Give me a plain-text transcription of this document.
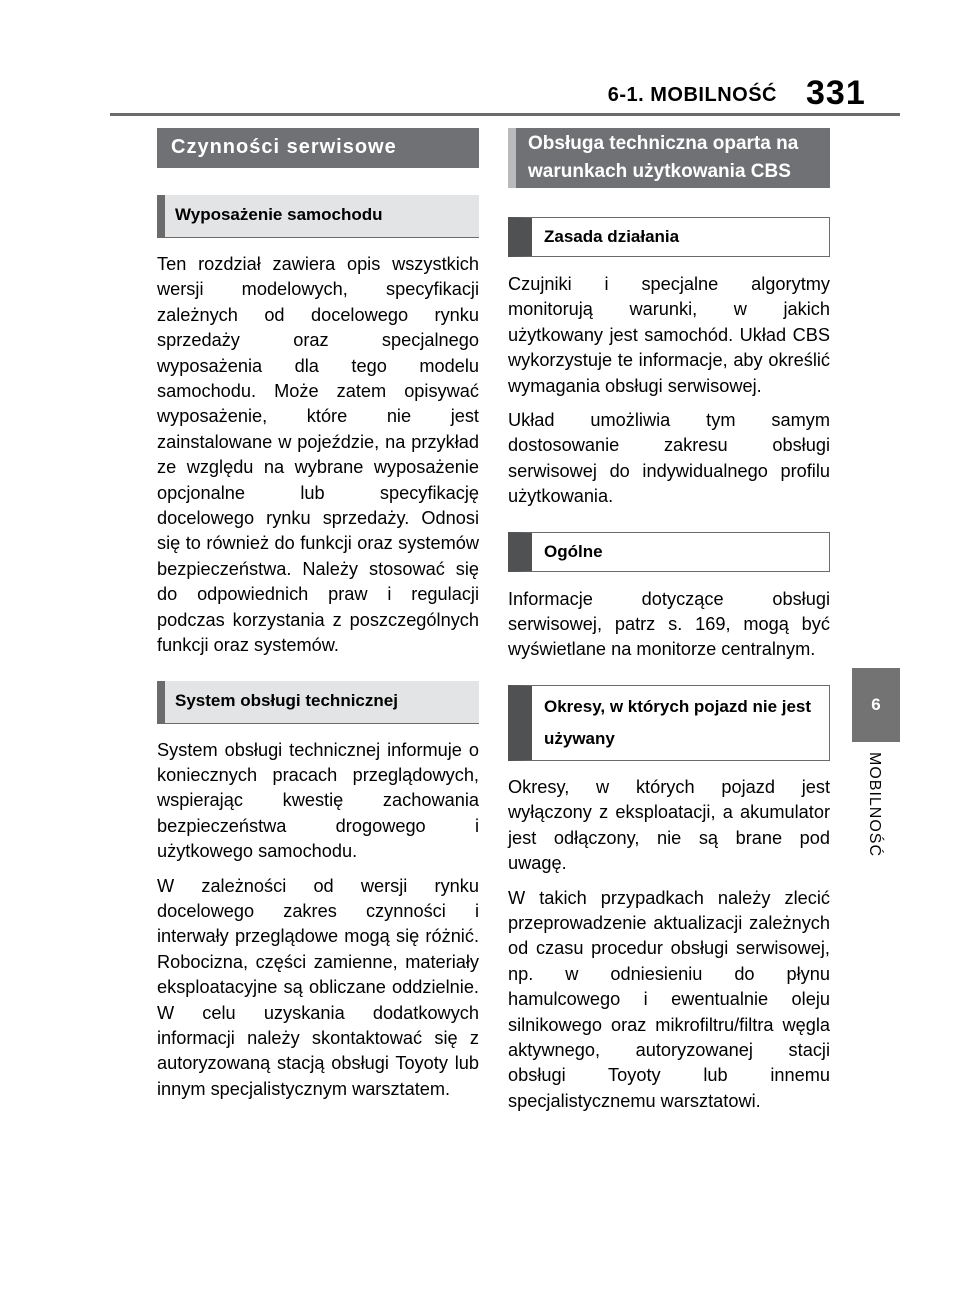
6-1. MOBILNOŚĆ 331
6
MOBILNOŚĆ
Czynności serwisowe
Wyposażenie samochodu

Ten rozdział zawiera opis wszystkich wersji modelowych, specyfikacji zależnych od docelowego rynku sprzedaży oraz specjalnego wyposażenia dla tego modelu samochodu. Może zatem opisywać wyposażenie, które nie jest zainstalowane w pojeździe, na przykład ze względu na wybrane wyposażenie opcjonalne lub specyfikację docelowego rynku sprzedaży. Odnosi się to również do funkcji oraz systemów bezpieczeństwa. Należy stosować się do odpowiednich praw i regulacji podczas korzystania z poszczególnych funkcji oraz systemów.

System obsługi technicznej

System obsługi technicznej informuje o koniecznych pracach przeglądowych, wspierając kwestię zachowania bezpieczeństwa drogowego i użytkowego samochodu.

W zależności od wersji rynku docelowego zakres czynności i interwały przeglądowe mogą się różnić. Robocizna, części zamienne, materiały eksploatacyjne są obliczane oddzielnie. W celu uzyskania dodatkowych informacji należy skontaktować się z autoryzowaną stacją obsługi Toyoty lub innym specjalistycznym warsztatem.

Obsługa techniczna oparta na warunkach użytkowania CBS
Zasada działania

Czujniki i specjalne algorytmy monitorują warunki, w jakich użytkowany jest samochód. Układ CBS wykorzystuje te informacje, aby określić wymagania obsługi serwisowej.

Układ umożliwia tym samym dostosowanie zakresu obsługi serwisowej do indywidualnego profilu użytkowania.

Ogólne

Informacje dotyczące obsługi serwisowej, patrz s. 169, mogą być wyświetlane na monitorze centralnym.

Okresy, w których pojazd nie jest używany

Okresy, w których pojazd jest wyłączony z eksploatacji, a akumulator jest odłączony, nie są brane pod uwagę.

W takich przypadkach należy zlecić przeprowadzenie aktualizacji zależnych od czasu procedur obsługi serwisowej, np. w odniesieniu do płynu hamulcowego i ewentualnie oleju silnikowego oraz mikrofiltru/filtra węgla aktywnego, autoryzowanej stacji obsługi Toyoty lub innemu specjalistycznemu warsztatowi.
